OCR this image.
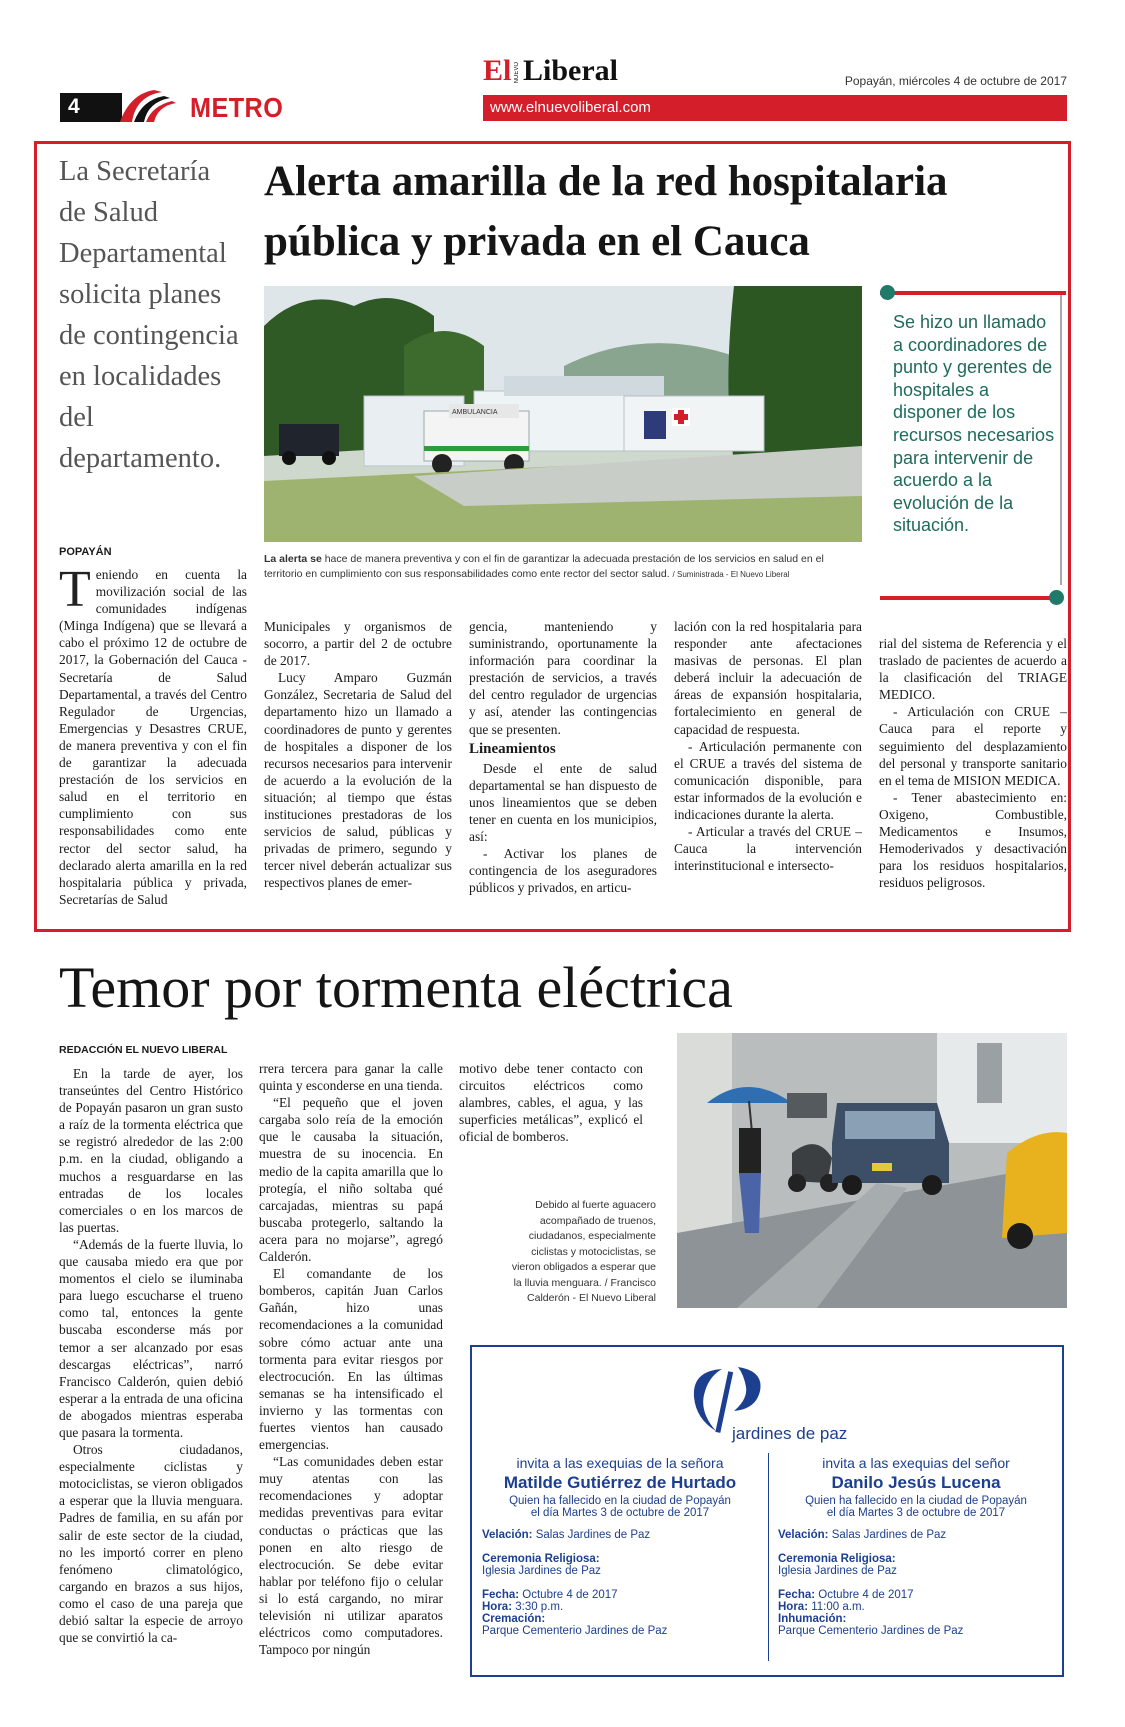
4	METRO	www.elnuevoliberal.com
El NUEVO Liberal	Popayán, miércoles 4 de octubre de 2017
La Secretaría de Salud Departamental solicita planes de contingencia en localidades del departamento.
Alerta amarilla de la red hospitalaria
pública y privada en el Cauca
AMBULANCIA
La alerta se hace de manera preventiva y con el fin de garantizar la adecuada prestación de los servicios en salud en el territorio en cumplimiento con sus responsabilidades como ente rector del sector salud. / Suministrada - El Nuevo Liberal
Se hizo un llamado a coordinadores de punto y gerentes de hospitales a disponer de los recursos necesarios para intervenir de acuerdo a la evolución de la situación.
POPAYÁN

Teniendo en cuenta la movilización social de las comunidades indígenas (Minga Indígena) que se llevará a cabo el próximo 12 de octubre de 2017, la Gobernación del Cauca - Secretaría de Salud Departamental, a través del Centro Regulador de Urgencias, Emergencias y Desastres CRUE, de manera preventiva y con el fin de garantizar la adecuada prestación de los servicios en salud en el territorio en cumplimiento con sus responsabilidades como ente rector del sector salud, ha declarado alerta amarilla en la red hospitalaria pública y privada, Secretarías de Salud

Municipales y organismos de socorro, a partir del 2 de octubre de 2017.

Lucy Amparo Guzmán González, Secretaria de Salud del departamento hizo un llamado a coordinadores de punto y gerentes de hospitales a disponer de los recursos necesarios para intervenir de acuerdo a la evolución de la situación; al tiempo que éstas instituciones prestadoras de los servicios de salud, públicas y privadas de primero, segundo y tercer nivel deberán actualizar sus respectivos planes de emer-

gencia, manteniendo y suministrando, oportunamente la información para coordinar la prestación de servicios, a través del centro regulador de urgencias y así, atender las contingencias que se presenten.

Lineamientos

Desde el ente de salud departamental se han dispuesto de unos lineamientos que se deben tener en cuenta en los municipios, así:

- Activar los planes de contingencia de los aseguradores públicos y privados, en articu-

lación con la red hospitalaria para responder ante afectaciones masivas de personas. El plan deberá incluir la adecuación de áreas de expansión hospitalaria, fortalecimiento en general de capacidad de respuesta.

- Articulación permanente con el CRUE a través del sistema de comunicación disponible, para estar informados de la evolución e indicaciones durante la alerta.

- Articular a través del CRUE – Cauca la intervención interinstitucional e intersecto-

rial del sistema de Referencia y el traslado de pacientes de acuerdo a la clasificación del TRIAGE MEDICO.

- Articulación con CRUE – Cauca para el reporte y seguimiento del desplazamiento del personal y transporte sanitario en el tema de MISION MEDICA.

- Tener abastecimiento en: Oxigeno, Combustible, Medicamentos e Insumos, Hemoderivados y desactivación para los residuos hospitalarios, residuos peligrosos.

Temor por tormenta eléctrica
REDACCIÓN EL NUEVO LIBERAL

En la tarde de ayer, los transeúntes del Centro Histórico de Popayán pasaron un gran susto a raíz de la tormenta eléctrica que se registró alrededor de las 2:00 p.m. en la ciudad, obligando a muchos a resguardarse en las entradas de los locales comerciales o en los marcos de las puertas.

“Además de la fuerte lluvia, lo que causaba miedo era que por momentos el cielo se iluminaba para luego escucharse el trueno como tal, entonces la gente buscaba esconderse más por temor a ser alcanzado por esas descargas eléctricas”, narró Francisco Calderón, quien debió esperar a la entrada de una oficina de abogados mientras esperaba que pasara la tormenta.

Otros ciudadanos, especialmente ciclistas y motociclistas, se vieron obligados a esperar que la lluvia menguara. Padres de familia, en su afán por salir de este sector de la ciudad, no les importó correr en pleno fenómeno climatológico, cargando en brazos a sus hijos, como el caso de una pareja que debió saltar la especie de arroyo que se convirtió la ca-

rrera tercera para ganar la calle quinta y esconderse en una tienda.

“El pequeño que el joven cargaba solo reía de la emoción que le causaba la situación, muestra de su inocencia. En medio de la capita amarilla que lo protegía, el niño soltaba qué carcajadas, mientras su papá buscaba protegerlo, saltando la acera para no mojarse”, agregó Calderón.

El comandante de los bomberos, capitán Juan Carlos Gañán, hizo unas recomendaciones a la comunidad sobre cómo actuar ante una tormenta para evitar riesgos por electrocución. En las últimas semanas se ha intensificado el invierno y las tormentas con fuertes vientos han causado emergencias.

“Las comunidades deben estar muy atentas con las recomendaciones y adoptar medidas preventivas para evitar conductas o prácticas que las ponen en alto riesgo de electrocución. Se debe evitar hablar por teléfono fijo o celular si lo está cargando, no mirar televisión ni utilizar aparatos eléctricos como computadores. Tampoco por ningún

motivo debe tener contacto con circuitos eléctricos como alambres, cables, el agua, y las superficies metálicas”, explicó el oficial de bomberos.

Debido al fuerte aguacero acompañado de truenos, ciudadanos, especialmente ciclistas y motociclistas, se vieron obligados a esperar que la lluvia menguara. / Francisco Calderón - El Nuevo Liberal
jardines de paz
invita a las exequias de la señora
Matilde Gutiérrez de Hurtado
Quien ha fallecido en la ciudad de Popayán
el día Martes 3 de octubre de 2017
Velación: Salas Jardines de Paz
Ceremonia Religiosa:
Iglesia Jardines de Paz
Fecha: Octubre 4 de 2017
Hora: 3:30 p.m.
Cremación:
Parque Cementerio Jardines de Paz
invita a las exequias del señor
Danilo Jesús Lucena
Quien ha fallecido en la ciudad de Popayán
el día Martes 3 de octubre de 2017
Velación: Salas Jardines de Paz
Ceremonia Religiosa:
Iglesia Jardines de Paz
Fecha: Octubre 4 de 2017
Hora: 11:00 a.m.
Inhumación:
Parque Cementerio Jardines de Paz
